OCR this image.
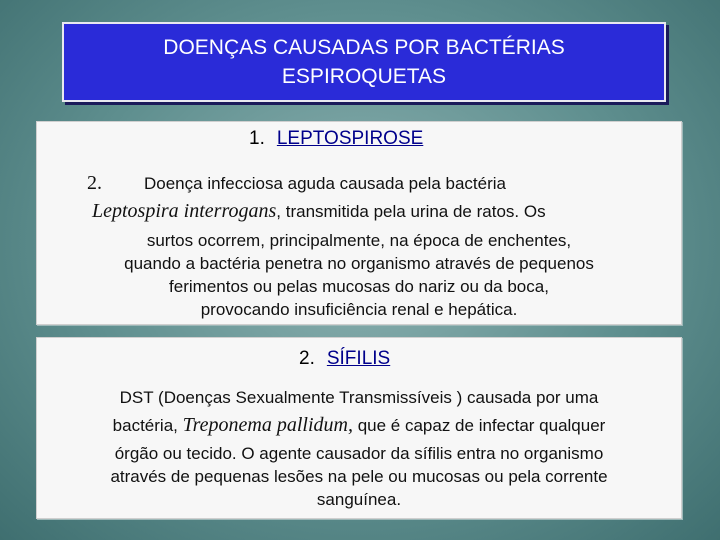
DOENÇAS CAUSADAS POR BACTÉRIAS
ESPIROQUETAS
1. LEPTOSPIROSE
2. Doença infecciosa aguda causada pela bactéria
Leptospira interrogans, transmitida pela urina de ratos. Os
surtos ocorrem, principalmente, na época de enchentes,
quando a bactéria penetra no organismo através de pequenos
ferimentos ou pelas mucosas do nariz ou da boca,
provocando insuficiência renal e hepática.
2. SÍFILIS
DST (Doenças Sexualmente Transmissíveis ) causada por uma
bactéria, Treponema pallidum, que é capaz de infectar qualquer
órgão ou tecido. O agente causador da sífilis entra no organismo
através de pequenas lesões na pele ou mucosas ou pela corrente
sanguínea.
